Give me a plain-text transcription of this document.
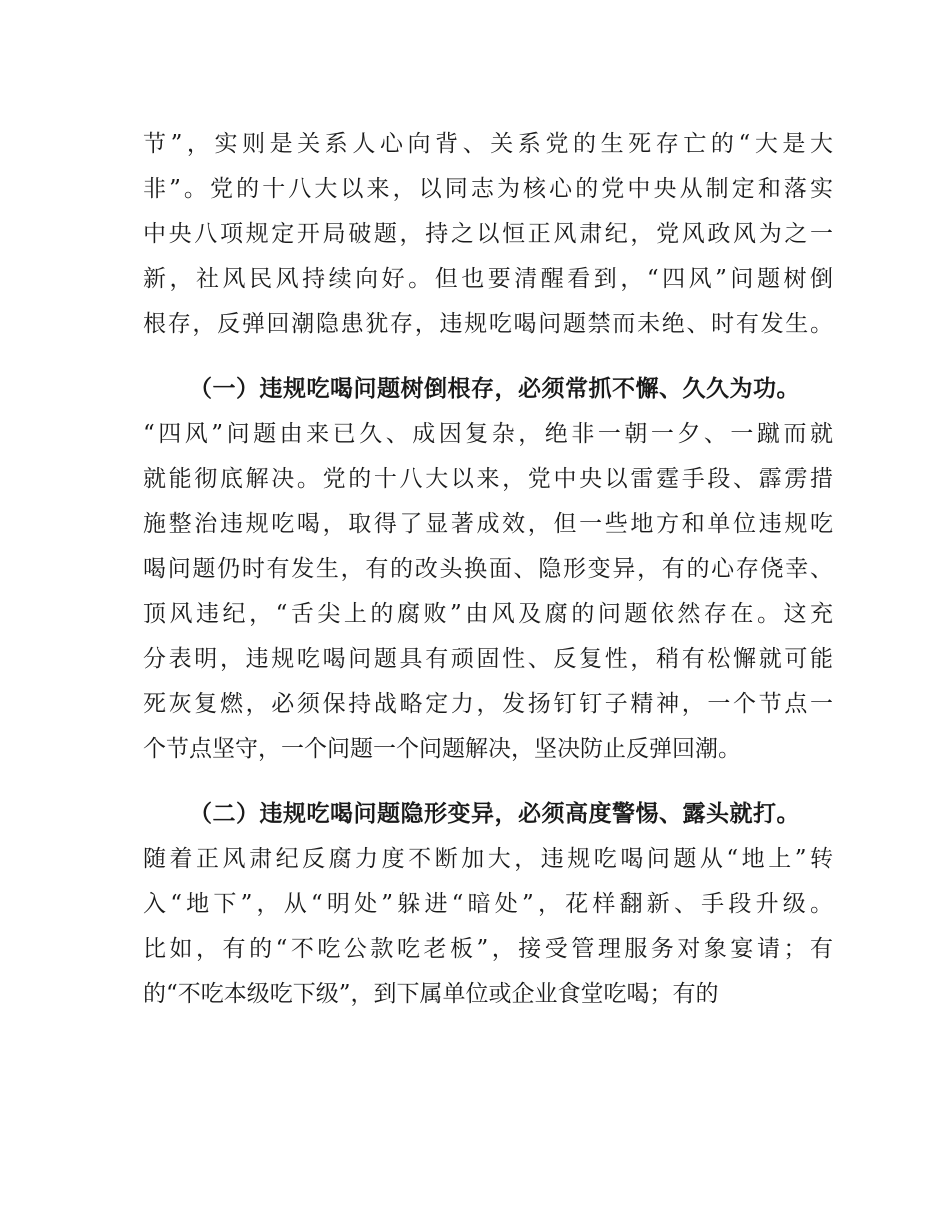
节”，实则是关系人心向背、关系党的生死存亡的“大是大
非”。党的十八大以来，以同志为核心的党中央从制定和落实
中央八项规定开局破题，持之以恒正风肃纪，党风政风为之一
新，社风民风持续向好。但也要清醒看到，“四风”问题树倒
根存，反弹回潮隐患犹存，违规吃喝问题禁而未绝、时有发生。
（一）违规吃喝问题树倒根存，必须常抓不懈、久久为功。
“四风”问题由来已久、成因复杂，绝非一朝一夕、一蹴而就
就能彻底解决。党的十八大以来，党中央以雷霆手段、霹雳措
施整治违规吃喝，取得了显著成效，但一些地方和单位违规吃
喝问题仍时有发生，有的改头换面、隐形变异，有的心存侥幸、
顶风违纪，“舌尖上的腐败”由风及腐的问题依然存在。这充
分表明，违规吃喝问题具有顽固性、反复性，稍有松懈就可能
死灰复燃，必须保持战略定力，发扬钉钉子精神，一个节点一
个节点坚守，一个问题一个问题解决，坚决防止反弹回潮。
（二）违规吃喝问题隐形变异，必须高度警惕、露头就打。
随着正风肃纪反腐力度不断加大，违规吃喝问题从“地上”转
入“地下”，从“明处”躲进“暗处”，花样翻新、手段升级。
比如，有的“不吃公款吃老板”，接受管理服务对象宴请；有
的“不吃本级吃下级”，到下属单位或企业食堂吃喝；有的
